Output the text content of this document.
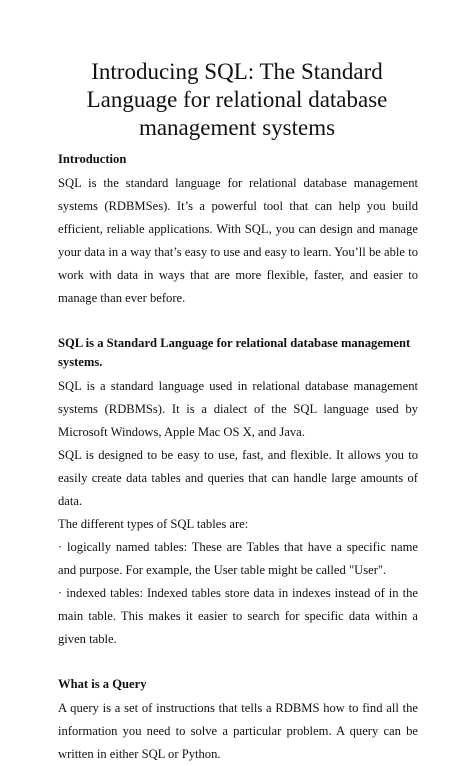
Introducing SQL: The Standard
Language for relational database
management systems
Introduction

SQL is the standard language for relational database management systems (RDBMSes). It’s a powerful tool that can help you build efficient, reliable applications. With SQL, you can design and manage your data in a way that’s easy to use and easy to learn. You’ll be able to work with data in ways that are more flexible, faster, and easier to manage than ever before.

SQL is a Standard Language for relational database management systems.

SQL is a standard language used in relational database management systems (RDBMSs). It is a dialect of the SQL language used by Microsoft Windows, Apple Mac OS X, and Java.

SQL is designed to be easy to use, fast, and flexible. It allows you to easily create data tables and queries that can handle large amounts of data.

The different types of SQL tables are:

· logically named tables: These are Tables that have a specific name and purpose. For example, the User table might be called "User".

· indexed tables: Indexed tables store data in indexes instead of in the main table. This makes it easier to search for specific data within a given table.

What is a Query

A query is a set of instructions that tells a RDBMS how to find all the information you need to solve a particular problem. A query can be written in either SQL or Python.
